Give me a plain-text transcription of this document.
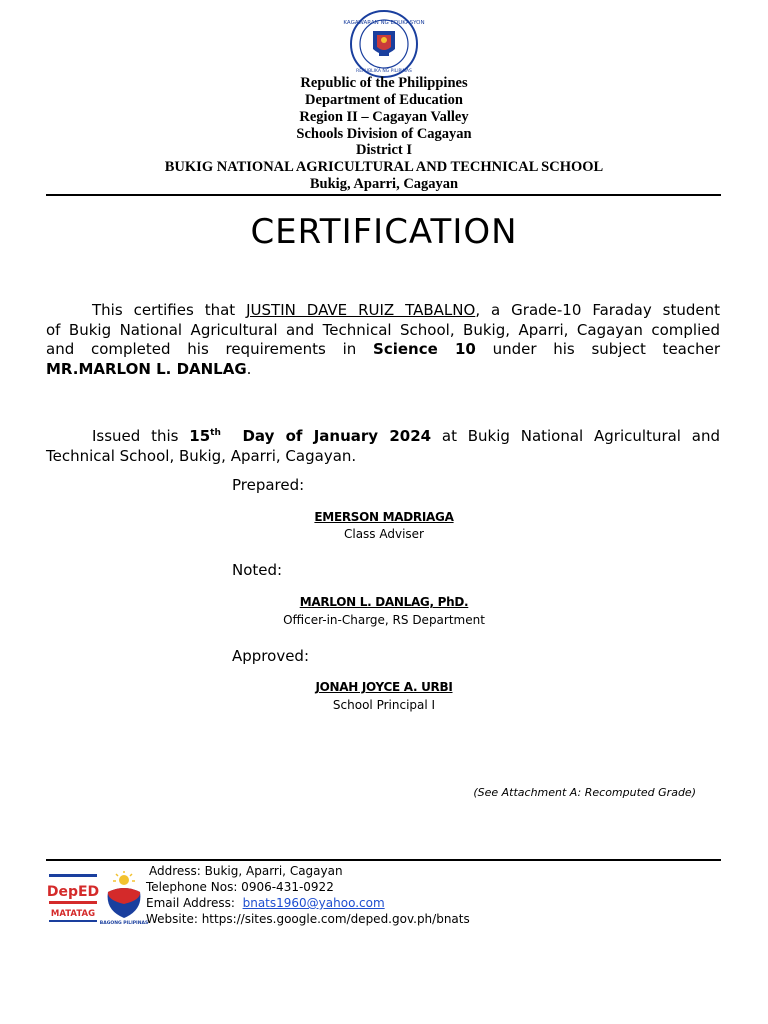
KAGAWARAN NG EDUKASYON
REPUBLIKA NG PILIPINAS
Republic of the Philippines
Department of Education
Region II – Cagayan Valley
Schools Division of Cagayan
District I
BUKIG NATIONAL AGRICULTURAL AND TECHNICAL SCHOOL
Bukig, Aparri, Cagayan
CERTIFICATION
This certifies that JUSTIN DAVE RUIZ TABALNO, a Grade-10 Faraday student
of Bukig National Agricultural and Technical School, Bukig, Aparri, Cagayan complied
and completed his requirements in Science 10 under his subject teacher
MR.MARLON L. DANLAG.
Issued this 15th Day of January 2024 at Bukig National Agricultural and
Technical School, Bukig, Aparri, Cagayan.
Prepared:
EMERSON MADRIAGA
Class Adviser
Noted:
MARLON L. DANLAG, PhD.
Officer-in-Charge, RS Department
Approved:
JONAH JOYCE A. URBI
School Principal I
(See Attachment A: Recomputed Grade)
DepED
MATATAG
BAGONG PILIPINAS
Address: Bukig, Aparri, Cagayan
Telephone Nos: 0906-431-0922
Email Address: bnats1960@yahoo.com
Website: https://sites.google.com/deped.gov.ph/bnats
